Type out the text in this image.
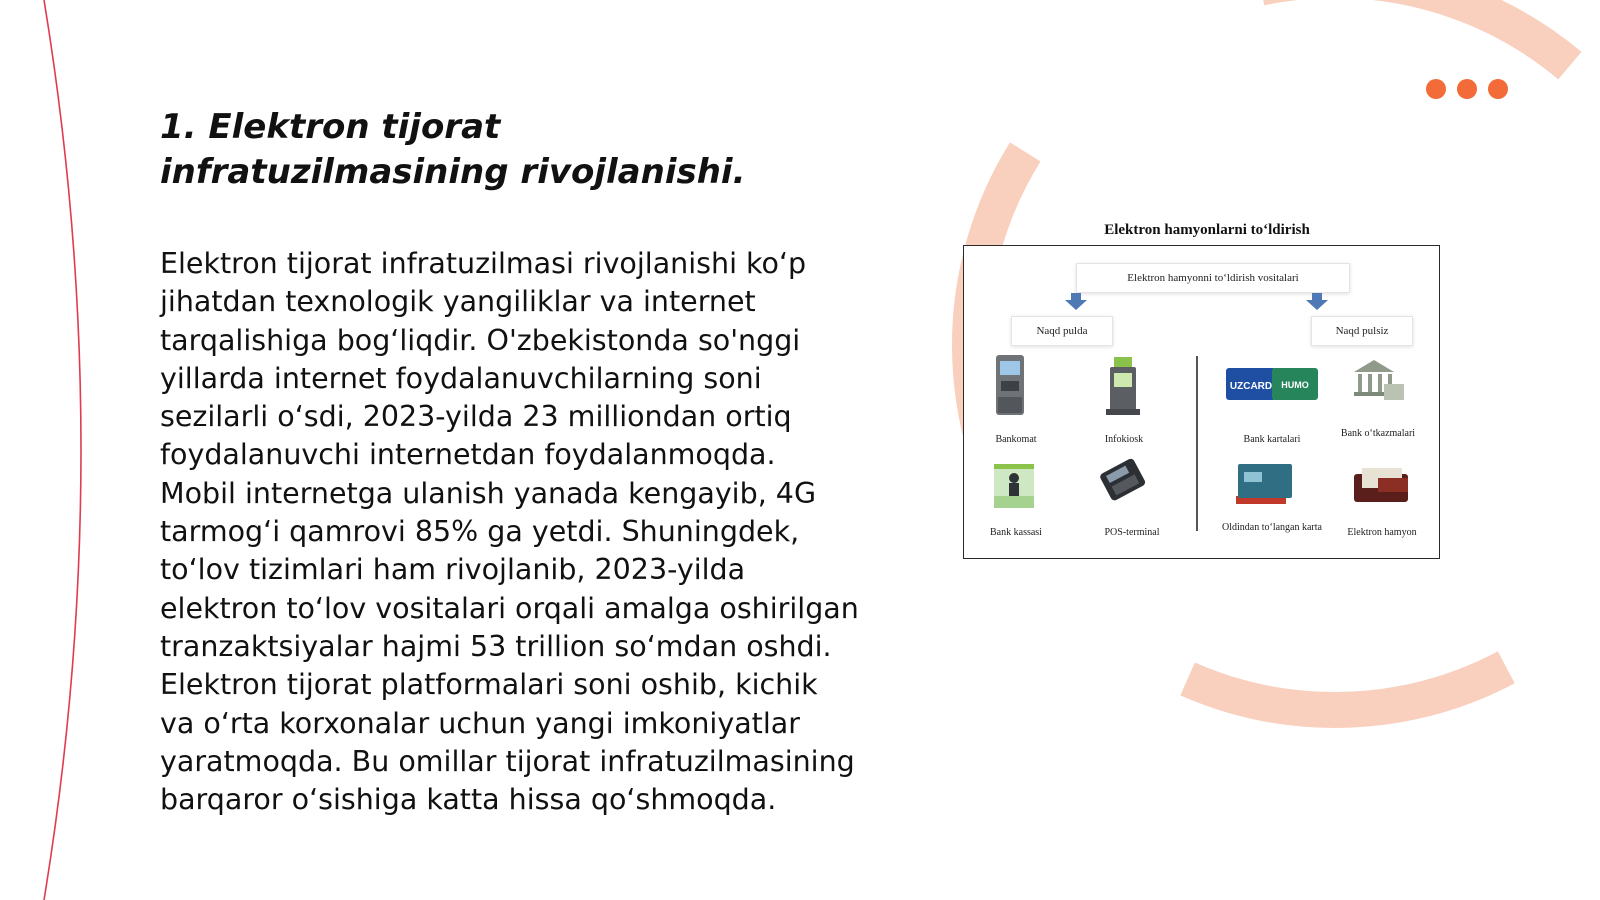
1. Elektron tijorat infratuzilmasining rivojlanishi.

Elektron tijorat infratuzilmasi rivojlanishi ko‘p jihatdan texnologik yangiliklar va internet tarqalishiga bog‘liqdir. O'zbekistonda so'nggi yillarda internet foydalanuvchilarning soni sezilarli o‘sdi, 2023-yilda 23 milliondan ortiq foydalanuvchi internetdan foydalanmoqda. Mobil internetga ulanish yanada kengayib, 4G tarmog‘i qamrovi 85% ga yetdi. Shuningdek, to‘lov tizimlari ham rivojlanib, 2023-yilda elektron to‘lov vositalari orqali amalga oshirilgan tranzaktsiyalar hajmi 53 trillion so‘mdan oshdi. Elektron tijorat platformalari soni oshib, kichik va o‘rta korxonalar uchun yangi imkoniyatlar yaratmoqda. Bu omillar tijorat infratuzilmasining barqaror o‘sishiga katta hissa qo‘shmoqda.

Elektron hamyonlarni to‘ldirish
Elektron hamyonni to‘ldirish vositalari
Naqd pulda	Naqd pulsiz
Bankomat	Infokiosk
UZCARD HUMO
Bank kartalari
Bank o‘tkazmalari
Bank kassasi	POS-terminal	Oldindan to‘langan karta	Elektron hamyon
